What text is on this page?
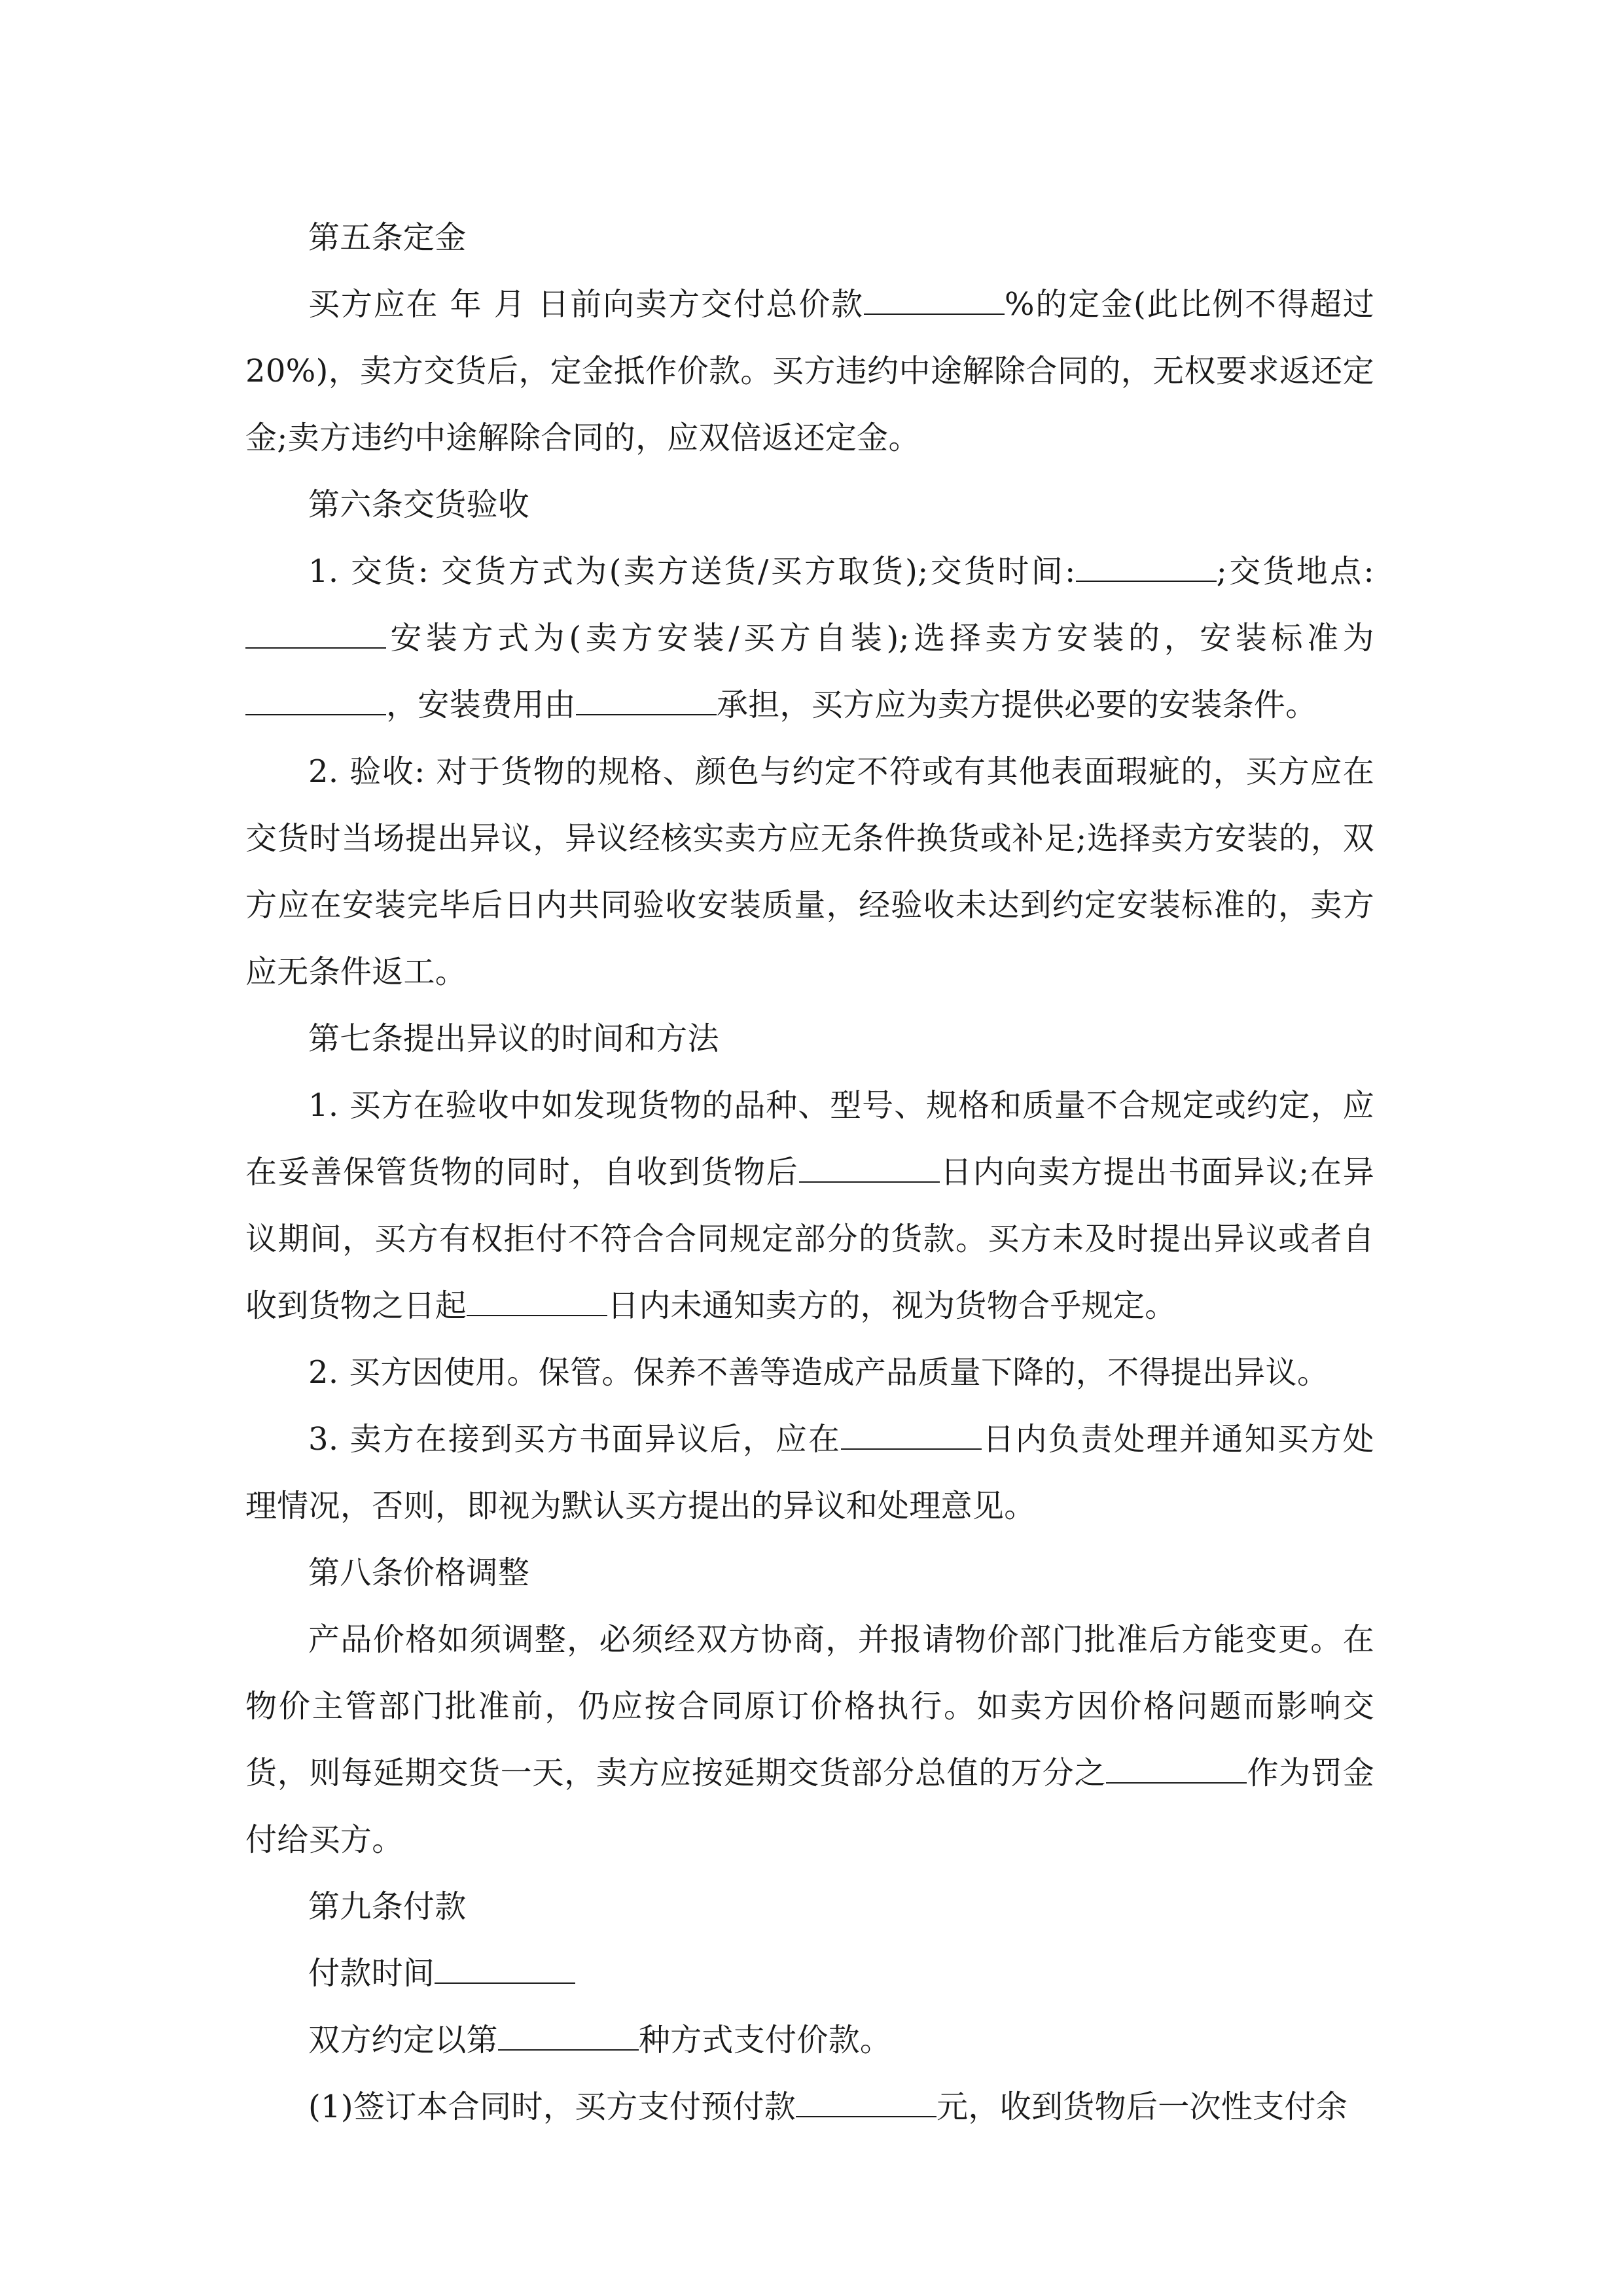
第五条定金

买方应在 年 月 日前向卖方交付总价款	%的定金(此比例不得超过20%)，卖方交货后，定金抵作价款。买方违约中途解除合同的，无权要求返还定金;卖方违约中途解除合同的，应双倍返还定金。

第六条交货验收

1. 交货: 交货方式为(卖方送货/买方取货);交货时间:	;交货地点:安装方式为(卖方安装/买方自装);选择卖方安装的，安装标准为，安装费用由	承担，买方应为卖方提供必要的安装条件。

2. 验收: 对于货物的规格、颜色与约定不符或有其他表面瑕疵的，买方应在交货时当场提出异议，异议经核实卖方应无条件换货或补足;选择卖方安装的，双方应在安装完毕后日内共同验收安装质量，经验收未达到约定安装标准的，卖方应无条件返工。

第七条提出异议的时间和方法

1. 买方在验收中如发现货物的品种、型号、规格和质量不合规定或约定，应在妥善保管货物的同时，自收到货物后	日内向卖方提出书面异议;在异议期间，买方有权拒付不符合合同规定部分的货款。买方未及时提出异议或者自收到货物之日起	日内未通知卖方的，视为货物合乎规定。

2. 买方因使用。保管。保养不善等造成产品质量下降的，不得提出异议。

3. 卖方在接到买方书面异议后，应在	日内负责处理并通知买方处理情况，否则，即视为默认买方提出的异议和处理意见。

第八条价格调整

产品价格如须调整，必须经双方协商，并报请物价部门批准后方能变更。在物价主管部门批准前，仍应按合同原订价格执行。如卖方因价格问题而影响交货，则每延期交货一天，卖方应按延期交货部分总值的万分之	作为罚金付给买方。

第九条付款

付款时间

双方约定以第	种方式支付价款。

(1)签订本合同时，买方支付预付款	元，收到货物后一次性支付余
